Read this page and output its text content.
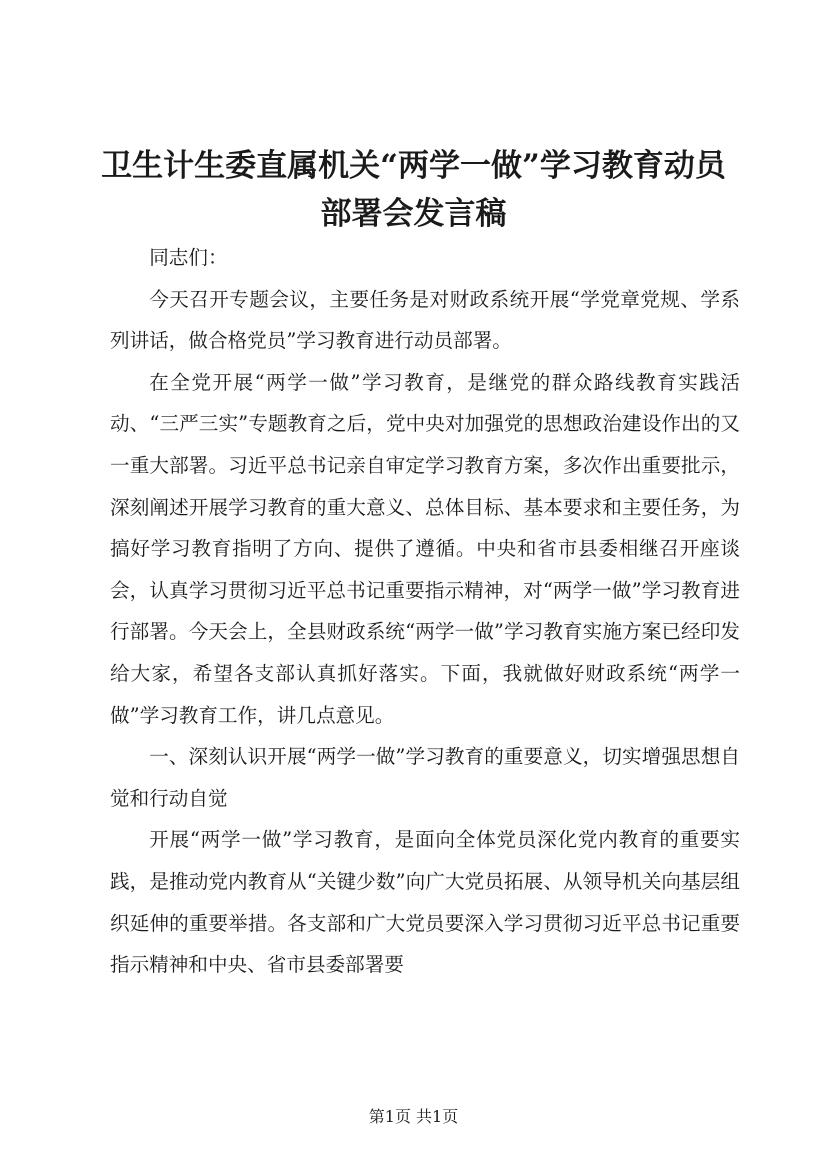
卫生计生委直属机关“两学一做”学习教育动员部署会发言稿

同志们：

今天召开专题会议，主要任务是对财政系统开展“学党章党规、学系列讲话，做合格党员”学习教育进行动员部署。

在全党开展“两学一做”学习教育，是继党的群众路线教育实践活动、“三严三实”专题教育之后，党中央对加强党的思想政治建设作出的又一重大部署。习近平总书记亲自审定学习教育方案，多次作出重要批示，深刻阐述开展学习教育的重大意义、总体目标、基本要求和主要任务，为搞好学习教育指明了方向、提供了遵循。中央和省市县委相继召开座谈会，认真学习贯彻习近平总书记重要指示精神，对“两学一做”学习教育进行部署。今天会上，全县财政系统“两学一做”学习教育实施方案已经印发给大家，希望各支部认真抓好落实。下面，我就做好财政系统“两学一做”学习教育工作，讲几点意见。

一、深刻认识开展“两学一做”学习教育的重要意义，切实增强思想自觉和行动自觉

开展“两学一做”学习教育，是面向全体党员深化党内教育的重要实践，是推动党内教育从“关键少数”向广大党员拓展、从领导机关向基层组织延伸的重要举措。各支部和广大党员要深入学习贯彻习近平总书记重要指示精神和中央、省市县委部署要

第1页 共1页
